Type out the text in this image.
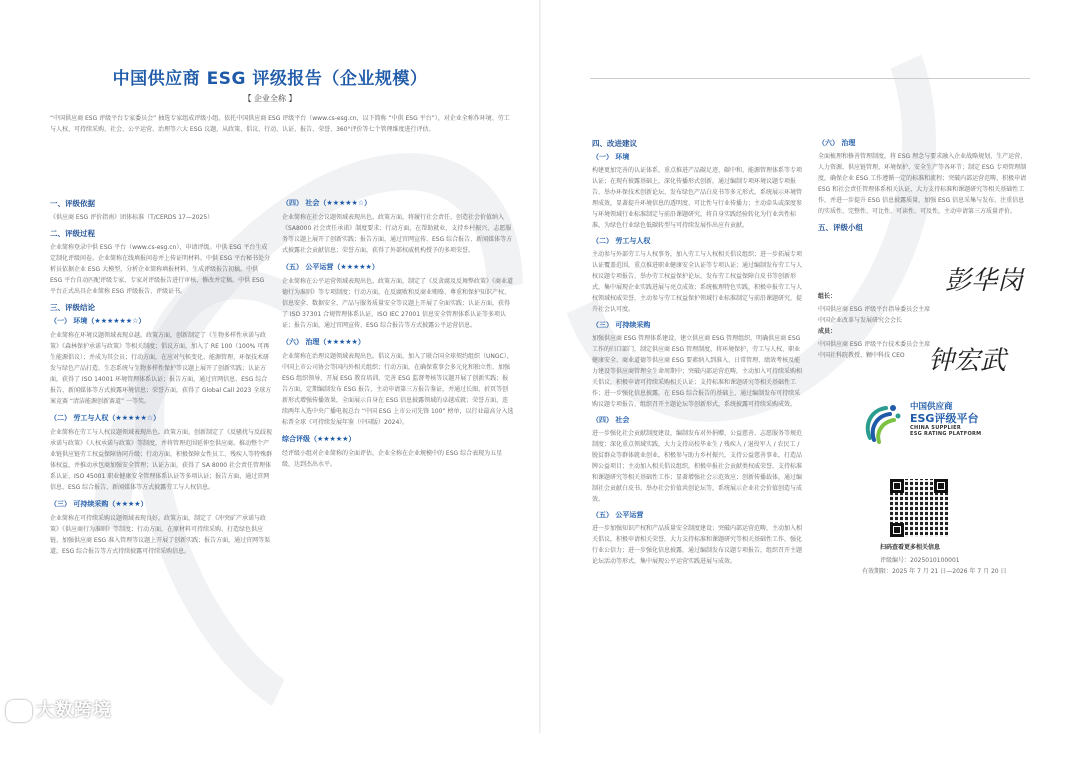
中国供应商 ESG 评级报告（企业规模）
【 企业全称 】

“中国供应商 ESG 评级平台专家委员会” 抽选专家组成评级小组。依托中国供应商 ESG 评级平台（www.cs-esg.cn，以下简称 “中供 ESG 平台”），对企业全称作环境、劳工与人权、可持续采购、社会、公平运营、治理等六大 ESG 议题，从政策、倡议、行动、认证、报告、荣誉、360°评价等七个管理维度进行评估。

一、评级依据

《供应商 ESG 评价指南》团体标准（T/CERDS 17—2025）

二、评级过程

企业简称登录中供 ESG 平台（www.cs-esg.cn），申请评级。中供 ESG 平台生成定制化评级问卷。企业简称在线填报问卷并上传证明材料。中供 ESG 平台秘书处分析员依据企业 ESG 大模型，分析企业简称填报材料，生成评级报告初稿。中供 ESG 平台自动匹配评级专家，专家对评级报告进行审核、修改并定稿。中供 ESG 平台正式出具企业简称 ESG 评级报告、评级证书。

三、评级结论

（一） 环境（★★★★★★☆）

企业简称在环境议题领域表现卓越。政策方面，创新制定了《生物多样性承诺与政策》《森林保护承诺与政策》等相关制度；倡议方面，加入了 RE 100（100% 可再生能源倡议）；并成为其会员；行动方面，在应对气候变化、能源管理、环保技术研发与绿色产品打造、生态系统与生物多样性保护等议题上展开了创新实践；认证方面，获得了 ISO 14001 环境管理体系认证；报告方面，通过官网信息、ESG 综合报告、新闻媒体等方式披露环境信息；荣誉方面，获得了 Global Call 2023 全球方案竞赛 “清洁能源创新赛道” 一等奖。

（二） 劳工与人权（★★★★★☆）

企业简称在劳工与人权议题领域表现出色。政策方面，创新制定了《反骚扰与反歧视承诺与政策》《人权承诺与政策》等制度，并将管理范围延伸至供应商。推动整个产业链供应链劳工权益保障协同升级；行动方面，积极保障女性员工、残疾人等特殊群体权益，并推动承包商加强安全管理；认证方面，获得了 SA 8000 社会责任管理体系认证、ISO 45001 职业健康安全管理体系认证等多项认证；报告方面，通过官网信息、ESG 综合报告、新闻媒体等方式披露劳工与人权信息。

（三） 可持续采购（★★★★）

企业简称在可持续采购议题领域表现良好。政策方面，制定了《冲突矿产承诺与政策》《供应商行为准则》等制度；行动方面，在原材料可持续采购、打造绿色供应链、加强供应商 ESG 准入管理等议题上开展了创新实践；报告方面，通过官网等渠道，ESG 综合报告等方式持续披露可持续采购信息。

（四） 社会（★★★★★☆）

企业简称在社会议题领域表现出色。政策方面，将履行社会责任、创造社会价值纳入《SA8000 社会责任承诺》制度要求；行动方面，在帮助就业、支持乡村振兴、志愿服务等议题上展开了创新实践；报告方面，通过官网宣传、ESG 综合报告、新闻媒体等方式披露社会贡献信息；荣誉方面，获得了外部权威机构授予的多项荣誉。

（五） 公平运营（★★★★★）

企业简称在公平运营领域表现出色。政策方面，制定了《反贪腐及反舞弊政策》《商业道德行为准则》等专项制度；行动方面，在反腐败和反商业贿赂、尊重和保护知识产权、信息安全、数据安全、产品与服务质量安全等议题上开展了全面实践；认证方面，获得了 ISO 37301 合规管理体系认证、ISO IEC 27001 信息安全管理体系认证等多项认证；报告方面，通过官网宣传、ESG 综合报告等方式披露公平运营信息。

（六） 治理（★★★★★）

企业简称在治理议题领域表现出色。倡议方面，加入了联合国全球契约组织（UNGC），中国上市公司协会等国内外相关组织；行动方面，在确保董事会多元化和独立性、加强 ESG 组织领导、开展 ESG 教育培训、完善 ESG 监督考核等议题开展了创新实践；报告方面，定期编制发布 ESG 报告，主动申请第三方报告鉴证，并通过长图、折页等创新形式增强传播效果，全面展示自身在 ESG 信息披露领域的卓越成就；荣誉方面，连续两年入选中央广播电视总台 “中国 ESG 上市公司先锋 100” 榜单，以行业最高分入选标普全球《可持续发展年鉴（中国版）2024》。

综合评级（★★★★★）

经评级小组对企业简称的全面评估，企业全称在企业规模中的 ESG 综合表现为五星级，达到杰出水平。

四、改进建议

（一） 环境

构建更加完善的认证体系，重点推进产品碳足迹、碳中和、能源管理体系等专项认证；在现有披露基础上，深化传播形式创新，通过编制专项环境议题专项报告、举办环保技术创新论坛、发布绿色产品白皮书等多元形式，系统展示环境管理成效，显著提升环境信息的透明度、可比性与行业传播力；主动牵头或深度参与环境领域行业标准制定与前沿课题研究，将自身实践经验转化为行业共性标准，为绿色行业绿色低碳转型与可持续发展作出应有贡献。

（二） 劳工与人权

主动参与外部劳工与人权事务，加入劳工与人权相关倡议组织；进一步拓展专项认证覆盖范围，重点推进职业健康安全认证等专项认证；通过编制发布劳工与人权议题专项报告、举办劳工权益保护论坛、发布劳工权益保障白皮书等创新形式，集中展现企业实践进展与亮点成效；系统梳理特色实践，积极申报劳工与人权领域权威荣誉，主动参与劳工权益保护领域行业标准制定与前沿课题研究，提升社会认可度。

（三） 可持续采购

加强供应商 ESG 管理体系建设，建立供应商 ESG 管理组织，明确供应商 ESG 工作的归口部门，制定供应商 ESG 管理制度，将环境保护、劳工与人权、职业健康安全、商业道德等供应商 ESG 要素纳入到准入、日常管理、绩效考核及能力建设等供应商管理全生命周期中；突破内部运营范畴，主动加入可持续采购相关倡议，积极申请可持续采购相关认证；支持标准和课题研究等相关基础性工作；进一步强化信息披露，在 ESG 综合报告的基础上，通过编制发布可持续采购议题专项报告、组织召开主题论坛等创新形式，系统披露可持续采购成效。

（四） 社会

进一步强化社会贡献制度建设，编制发布对外捐赠、公益慈善、志愿服务等规范制度；深化重点领域实践，大力支持高校毕业生 / 残疾人 / 退役军人 / 农民工 / 脱贫群众等群体就业创业，积极参与助力乡村振兴，支持公益慈善事业，打造品牌公益项目；主动加入相关倡议组织，积极申报社会贡献类权威荣誉，支持标准和课题研究等相关基础性工作；显著增强社会示范效应；创新传播载体，通过编制社会贡献白皮书、举办社会价值共创论坛等，系统展示企业社会价值创造与成效。

（五） 公平运营

进一步加强知识产权和产品质量安全制度建设；突破内部运营范畴，主动加入相关倡议，积极申请相关荣誉，大力支持标准和课题研究等相关基础性工作，强化行业公信力；进一步强化信息披露，通过编制发布议题专项报告，组织召开主题论坛活动等形式，集中展现公平运营实践进展与成效。

（六） 治理

全面梳理和修善管理制度，将 ESG 理念与要求融入企业战略规划、生产运营、人力资源、供应链管理、环境保护、安全生产等各环节；制定 ESG 专项管理制度，确保企业 ESG 工作遵循一定的标准和流程；突破内部运营范畴，积极申请 ESG 和社会责任管理体系相关认证，大力支持标准和课题研究等相关基础性工作，并进一步提升 ESG 信息披露质量，加强 ESG 信息采集与发布，注重信息的实质性、完整性、可比性、可读性、可及性，主动申请第三方质量评价。

五、评级小组

组长：

中国供应商 ESG 评级平台指导委员会主席

中国企业改革与发展研究会会长

彭华岗

成员：

中国供应商 ESG 评级平台技术委员会主席

中国社科院教授、颗中科技 CEO 钟宏武
中国供应商
ESG评级平台
CHINA SUPPLIER
ESG RATING PLATFORM
扫码查看更多相关信息
评级编号：2025010100001
有效期限：2025 年 7 月 21 日—2026 年 7 月 20 日
大数跨境
